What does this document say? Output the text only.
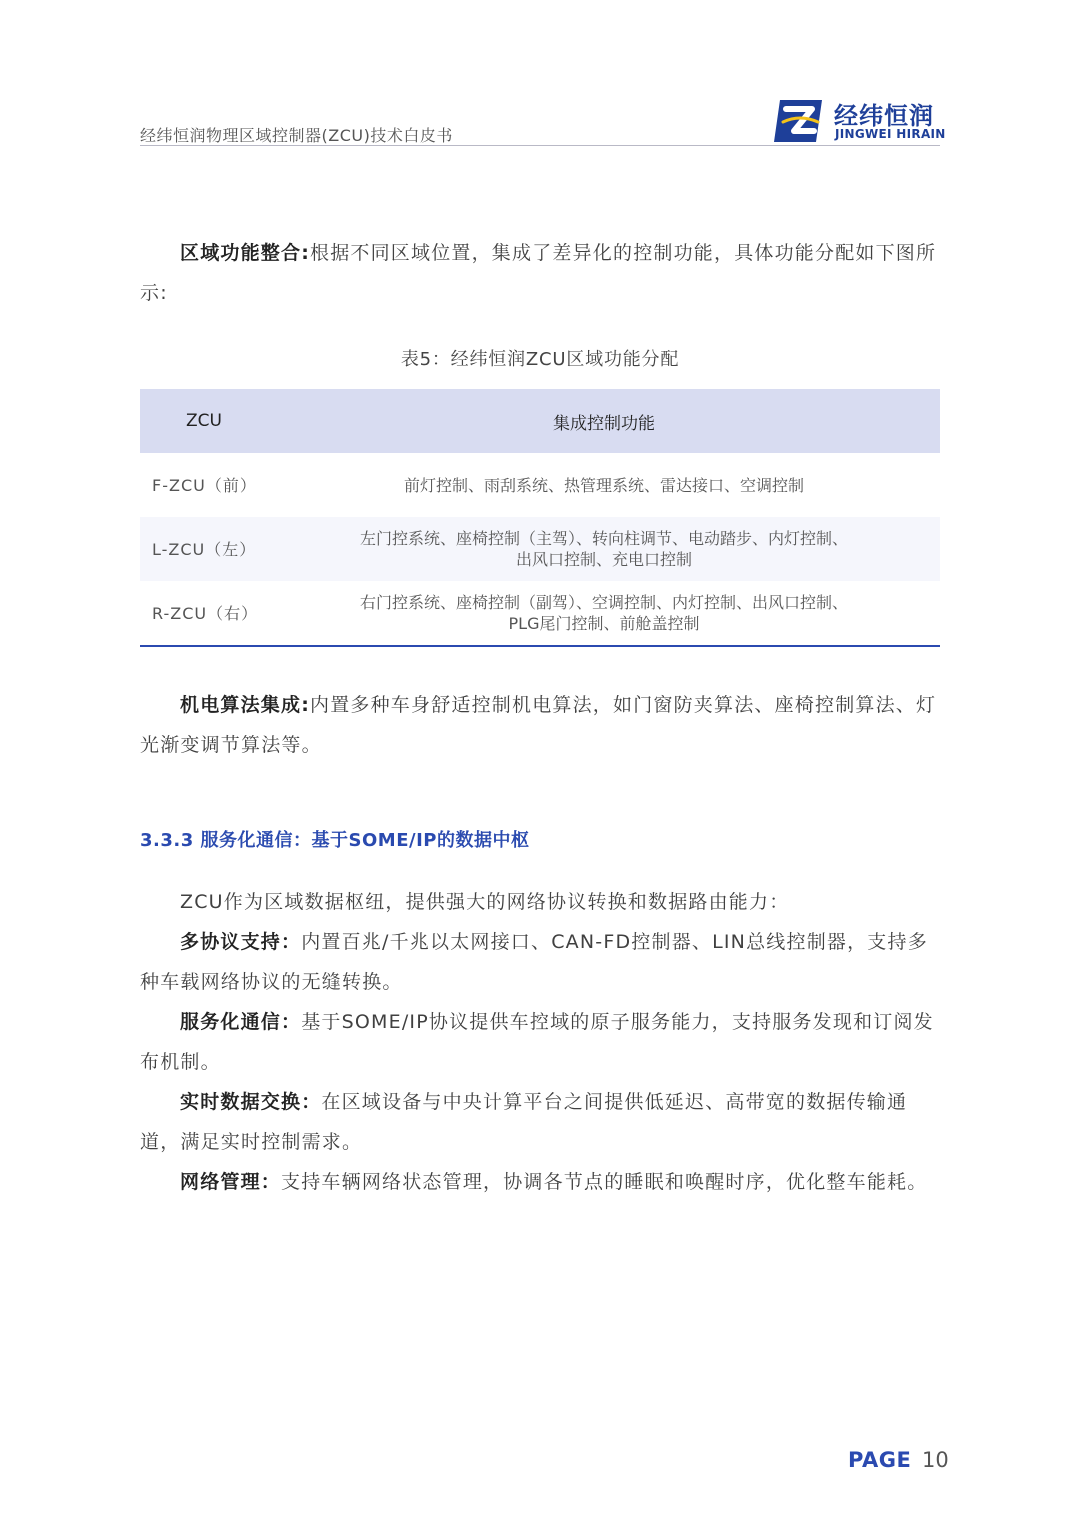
经纬恒润物理区域控制器(ZCU)技术白皮书
经纬恒润
JINGWEI HIRAIN

区域功能整合:根据不同区域位置，集成了差异化的控制功能，具体功能分配如下图所示:

表5：经纬恒润ZCU区域功能分配
ZCU	集成控制功能
F-ZCU（前）	前灯控制、雨刮系统、热管理系统、雷达接口、空调控制
L-ZCU（左）	左门控系统、座椅控制（主驾）、转向柱调节、电动踏步、内灯控制、
出风口控制、充电口控制

R-ZCU（右）	右门控系统、座椅控制（副驾）、空调控制、内灯控制、出风口控制、
PLG尾门控制、前舱盖控制

机电算法集成:内置多种车身舒适控制机电算法，如门窗防夹算法、座椅控制算法、灯光渐变调节算法等。

3.3.3 服务化通信：基于SOME/IP的数据中枢

ZCU作为区域数据枢纽，提供强大的网络协议转换和数据路由能力：

多协议支持：内置百兆/千兆以太网接口、CAN-FD控制器、LIN总线控制器，支持多种车载网络协议的无缝转换。

服务化通信：基于SOME/IP协议提供车控域的原子服务能力，支持服务发现和订阅发布机制。

实时数据交换：在区域设备与中央计算平台之间提供低延迟、高带宽的数据传输通道，满足实时控制需求。

网络管理：支持车辆网络状态管理，协调各节点的睡眠和唤醒时序，优化整车能耗。

PAGE 10
